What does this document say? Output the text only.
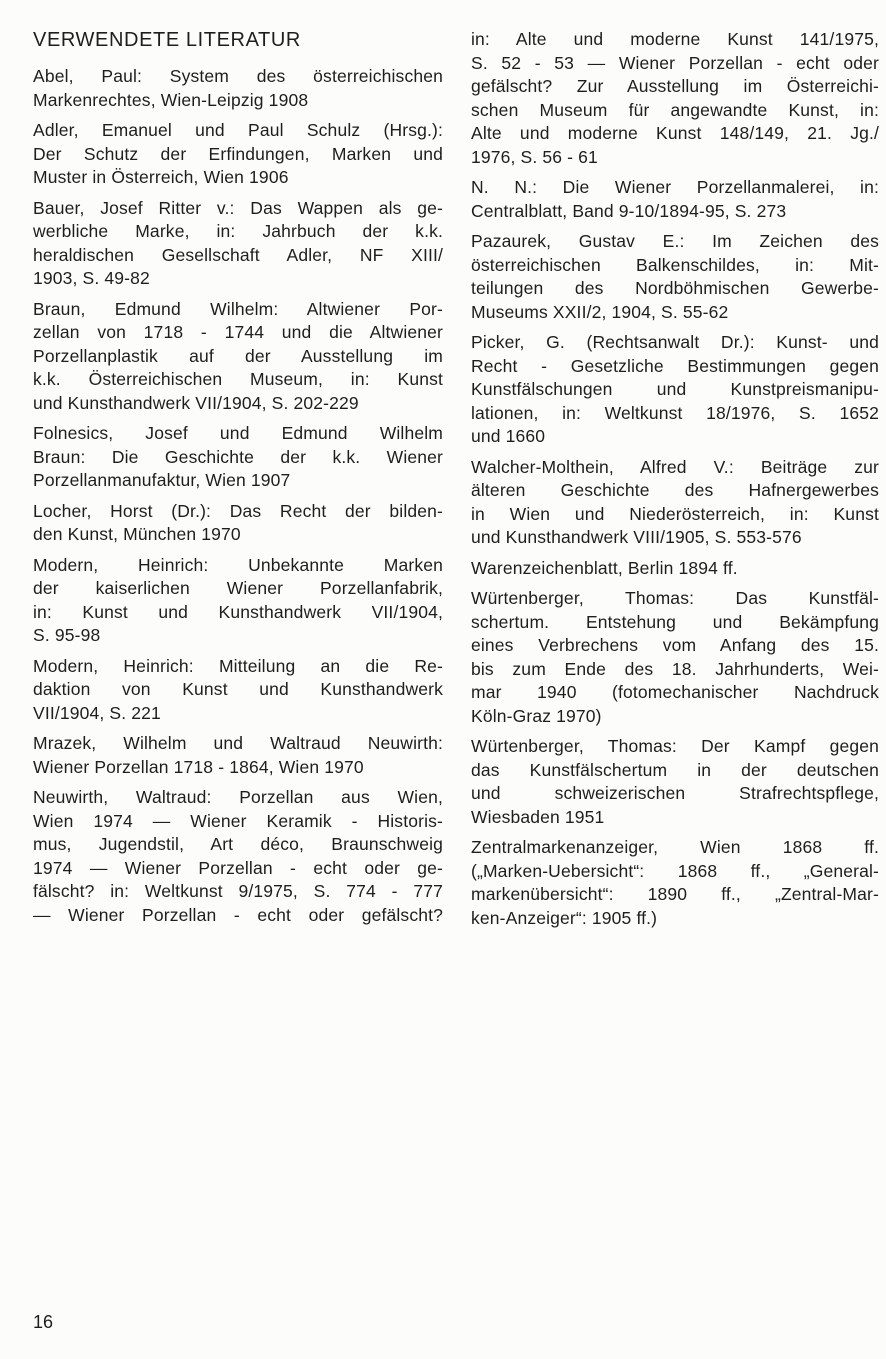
VERWENDETE LITERATUR
Abel, Paul: System des österreichischen
Markenrechtes, Wien-Leipzig 1908
Adler, Emanuel und Paul Schulz (Hrsg.):
Der Schutz der Erfindungen, Marken und
Muster in Österreich, Wien 1906
Bauer, Josef Ritter v.: Das Wappen als ge-
werbliche Marke, in: Jahrbuch der k.k.
heraldischen Gesellschaft Adler, NF XIII/
1903, S. 49-82
Braun, Edmund Wilhelm: Altwiener Por-
zellan von 1718 - 1744 und die Altwiener
Porzellanplastik auf der Ausstellung im
k.k. Österreichischen Museum, in: Kunst
und Kunsthandwerk VII/1904, S. 202-229
Folnesics, Josef und Edmund Wilhelm
Braun: Die Geschichte der k.k. Wiener
Porzellanmanufaktur, Wien 1907
Locher, Horst (Dr.): Das Recht der bilden-
den Kunst, München 1970
Modern, Heinrich: Unbekannte Marken
der kaiserlichen Wiener Porzellanfabrik,
in: Kunst und Kunsthandwerk VII/1904,
S. 95-98
Modern, Heinrich: Mitteilung an die Re-
daktion von Kunst und Kunsthandwerk
VII/1904, S. 221
Mrazek, Wilhelm und Waltraud Neuwirth:
Wiener Porzellan 1718 - 1864, Wien 1970
Neuwirth, Waltraud: Porzellan aus Wien,
Wien 1974 — Wiener Keramik - Historis-
mus, Jugendstil, Art déco, Braunschweig
1974 — Wiener Porzellan - echt oder ge-
fälscht? in: Weltkunst 9/1975, S. 774 - 777
— Wiener Porzellan - echt oder gefälscht?
in: Alte und moderne Kunst 141/1975,
S. 52 - 53 — Wiener Porzellan - echt oder
gefälscht? Zur Ausstellung im Österreichi-
schen Museum für angewandte Kunst, in:
Alte und moderne Kunst 148/149, 21. Jg./
1976, S. 56 - 61
N. N.: Die Wiener Porzellanmalerei, in:
Centralblatt, Band 9-10/1894-95, S. 273
Pazaurek, Gustav E.: Im Zeichen des
österreichischen Balkenschildes, in: Mit-
teilungen des Nordböhmischen Gewerbe-
Museums XXII/2, 1904, S. 55-62
Picker, G. (Rechtsanwalt Dr.): Kunst- und
Recht - Gesetzliche Bestimmungen gegen
Kunstfälschungen und Kunstpreismanipu-
lationen, in: Weltkunst 18/1976, S. 1652
und 1660
Walcher-Molthein, Alfred V.: Beiträge zur
älteren Geschichte des Hafnergewerbes
in Wien und Niederösterreich, in: Kunst
und Kunsthandwerk VIII/1905, S. 553-576
Warenzeichenblatt, Berlin 1894 ff.
Würtenberger, Thomas: Das Kunstfäl-
schertum. Entstehung und Bekämpfung
eines Verbrechens vom Anfang des 15.
bis zum Ende des 18. Jahrhunderts, Wei-
mar 1940 (fotomechanischer Nachdruck
Köln-Graz 1970)
Würtenberger, Thomas: Der Kampf gegen
das Kunstfälschertum in der deutschen
und schweizerischen Strafrechtspflege,
Wiesbaden 1951
Zentralmarkenanzeiger, Wien 1868 ff.
(„Marken-Uebersicht“: 1868 ff., „General-
markenübersicht“: 1890 ff., „Zentral-Mar-
ken-Anzeiger“: 1905 ff.)
16
